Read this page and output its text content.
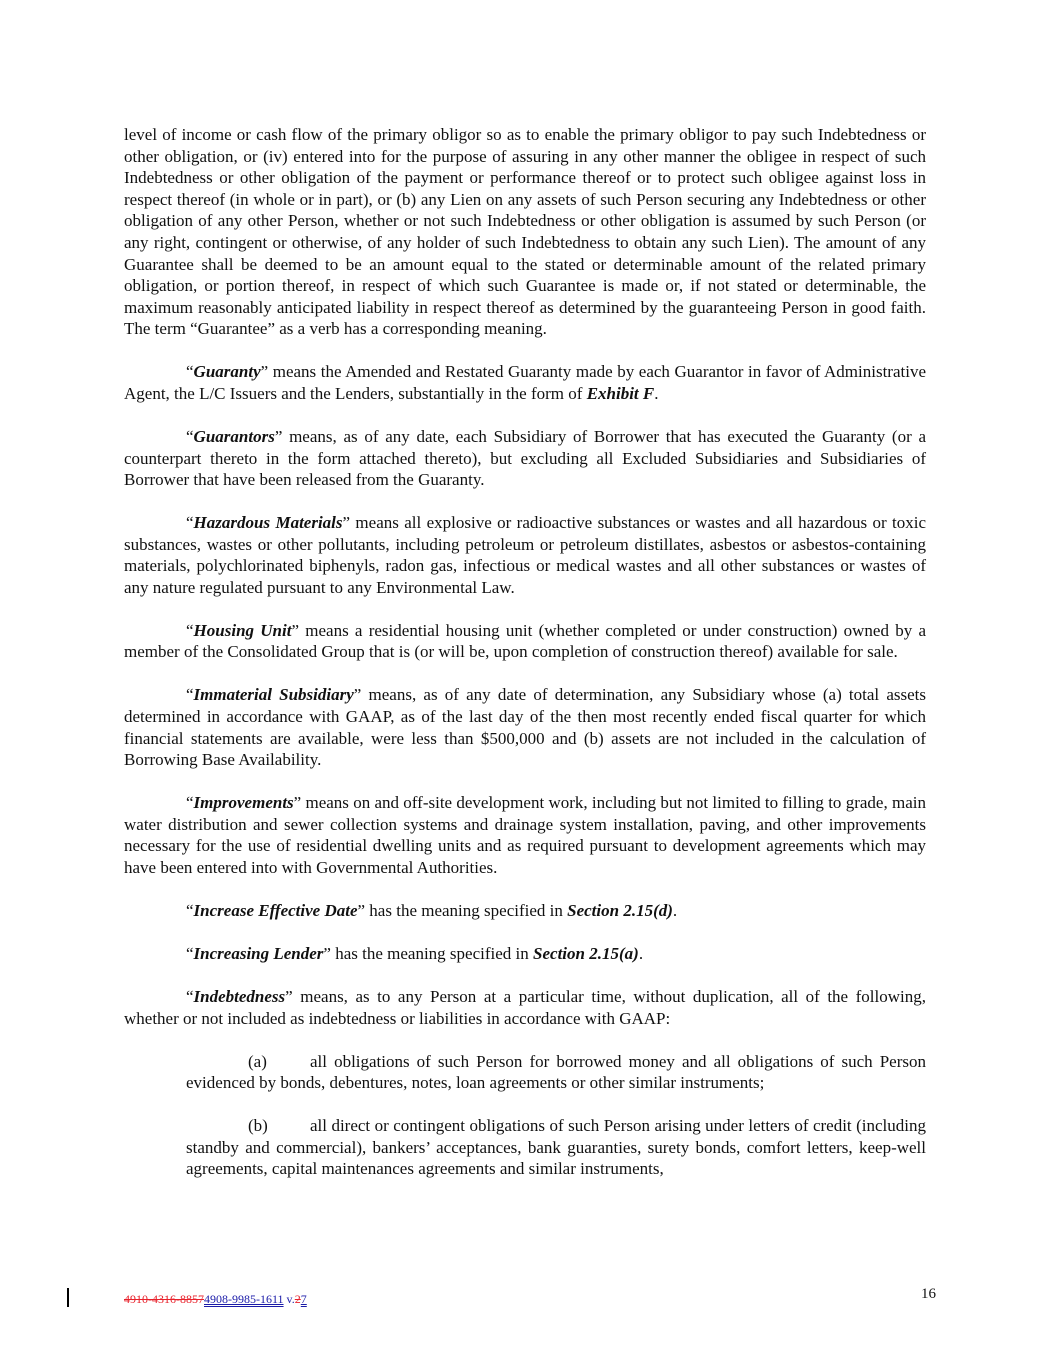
level of income or cash flow of the primary obligor so as to enable the primary obligor to pay such Indebtedness or other obligation, or (iv) entered into for the purpose of assuring in any other manner the obligee in respect of such Indebtedness or other obligation of the payment or performance thereof or to protect such obligee against loss in respect thereof (in whole or in part), or (b) any Lien on any assets of such Person securing any Indebtedness or other obligation of any other Person, whether or not such Indebtedness or other obligation is assumed by such Person (or any right, contingent or otherwise, of any holder of such Indebtedness to obtain any such Lien). The amount of any Guarantee shall be deemed to be an amount equal to the stated or determinable amount of the related primary obligation, or portion thereof, in respect of which such Guarantee is made or, if not stated or determinable, the maximum reasonably anticipated liability in respect thereof as determined by the guaranteeing Person in good faith. The term “Guarantee” as a verb has a corresponding meaning.

“Guaranty” means the Amended and Restated Guaranty made by each Guarantor in favor of Administrative Agent, the L/C Issuers and the Lenders, substantially in the form of Exhibit F.

“Guarantors” means, as of any date, each Subsidiary of Borrower that has executed the Guaranty (or a counterpart thereto in the form attached thereto), but excluding all Excluded Subsidiaries and Subsidiaries of Borrower that have been released from the Guaranty.

“Hazardous Materials” means all explosive or radioactive substances or wastes and all hazardous or toxic substances, wastes or other pollutants, including petroleum or petroleum distillates, asbestos or asbestos-containing materials, polychlorinated biphenyls, radon gas, infectious or medical wastes and all other substances or wastes of any nature regulated pursuant to any Environmental Law.

“Housing Unit” means a residential housing unit (whether completed or under construction) owned by a member of the Consolidated Group that is (or will be, upon completion of construction thereof) available for sale.

“Immaterial Subsidiary” means, as of any date of determination, any Subsidiary whose (a) total assets determined in accordance with GAAP, as of the last day of the then most recently ended fiscal quarter for which financial statements are available, were less than $500,000 and (b) assets are not included in the calculation of Borrowing Base Availability.

“Improvements” means on and off-site development work, including but not limited to filling to grade, main water distribution and sewer collection systems and drainage system installation, paving, and other improvements necessary for the use of residential dwelling units and as required pursuant to development agreements which may have been entered into with Governmental Authorities.

“Increase Effective Date” has the meaning specified in Section 2.15(d).

“Increasing Lender” has the meaning specified in Section 2.15(a).

“Indebtedness” means, as to any Person at a particular time, without duplication, all of the following, whether or not included as indebtedness or liabilities in accordance with GAAP:

(a)	all obligations of such Person for borrowed money and all obligations of such Person evidenced by bonds, debentures, notes, loan agreements or other similar instruments;

(b) all direct or contingent obligations of such Person arising under letters of credit (including standby and commercial), bankers’ acceptances, bank guaranties, surety bonds, comfort letters, keep-well agreements, capital maintenances agreements and similar instruments,

4910-4316-88574908-9985-1611 v.27	16
